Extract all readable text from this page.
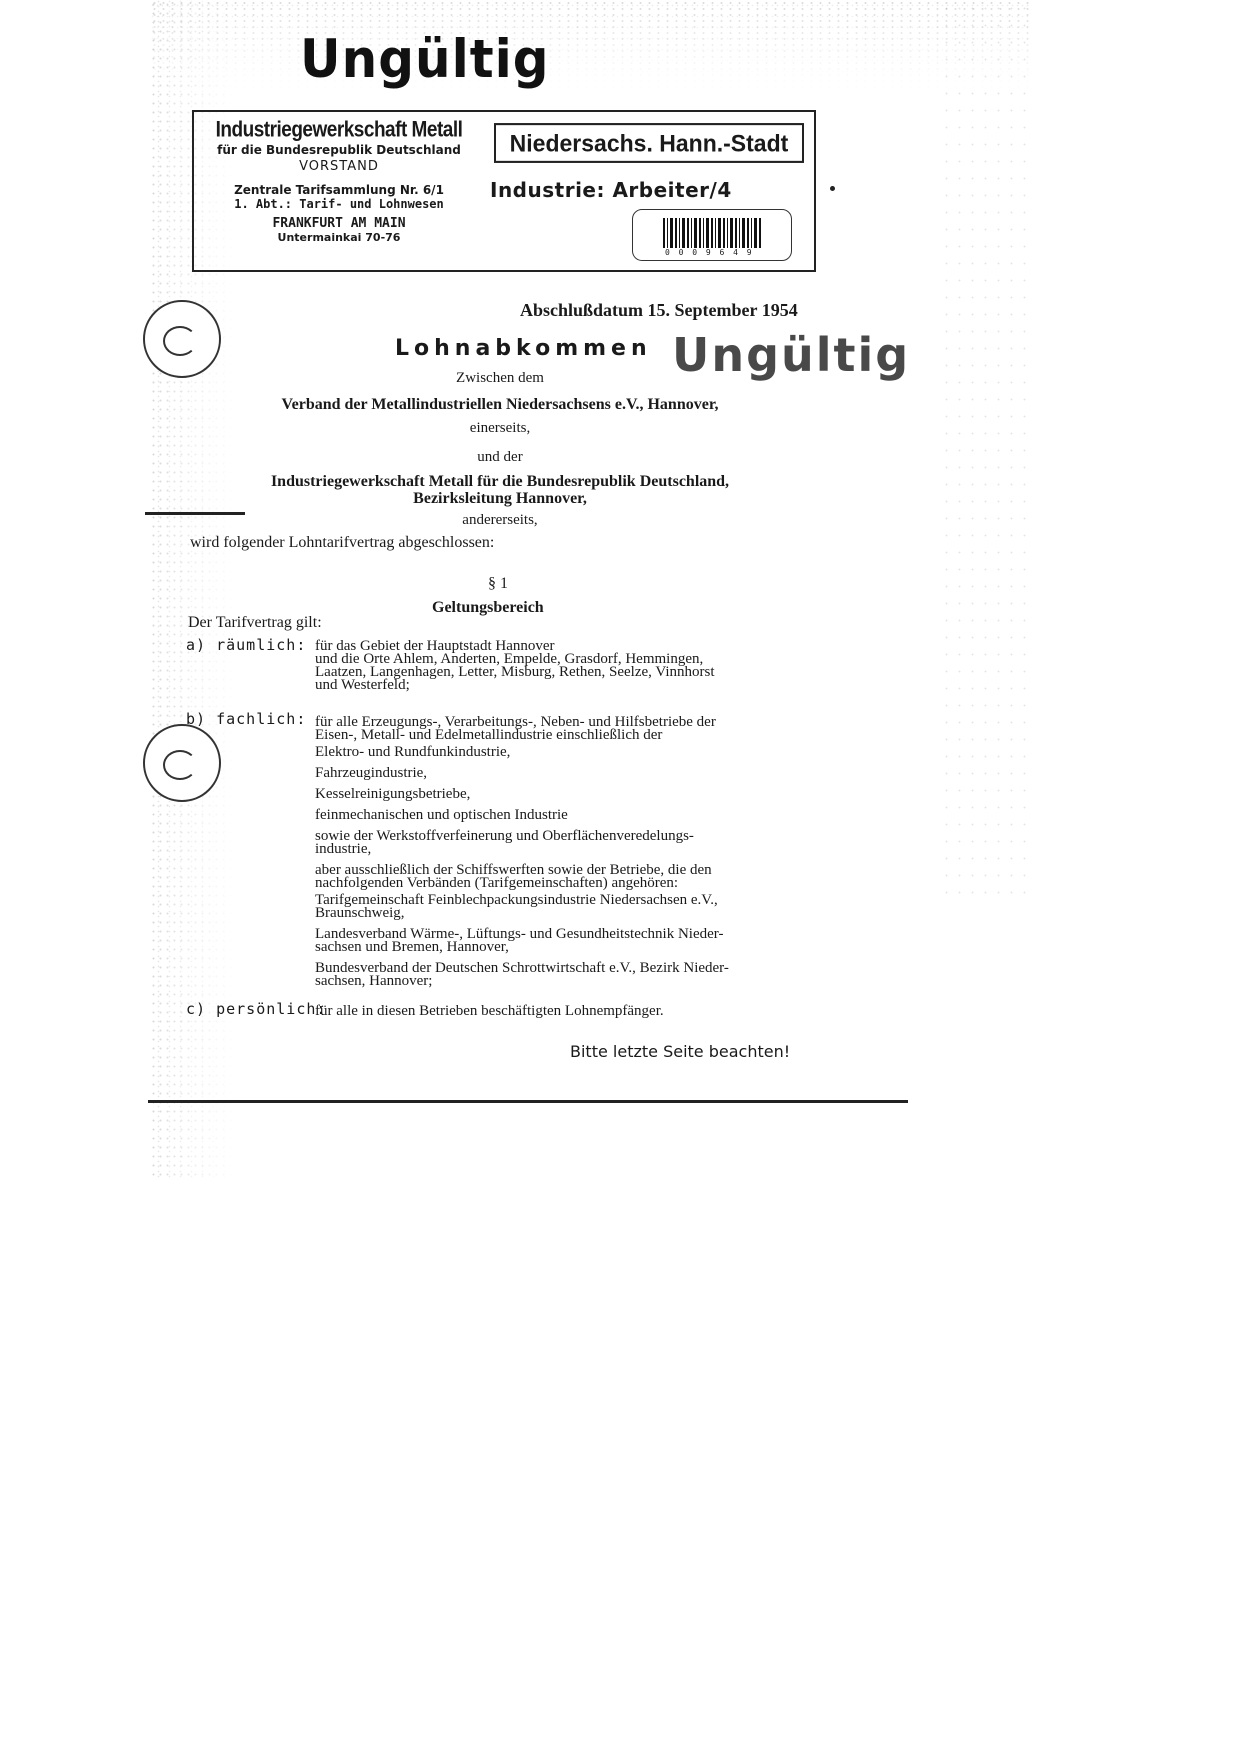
Ungültig
Industriegewerkschaft Metall
für die Bundesrepublik Deutschland
VORSTAND
Zentrale Tarifsammlung Nr. 6/1
1. Abt.: Tarif- und Lohnwesen
FRANKFURT AM MAIN
Untermainkai 70-76
Niedersachs. Hann.-Stadt
Industrie: Arbeiter/4
0 0 0 9 6 4 9
Abschlußdatum 15. September 1954
Lohnabkommen Ungültig
Zwischen dem
Verband der Metallindustriellen Niedersachsens e.V., Hannover,
einerseits,
und der
Industriegewerkschaft Metall für die Bundesrepublik Deutschland,
Bezirksleitung Hannover,
andererseits,
wird folgender Lohntarifvertrag abgeschlossen:
§ 1
Geltungsbereich
Der Tarifvertrag gilt:
a) räumlich: für das Gebiet der Hauptstadt Hannover
und die Orte Ahlem, Anderten, Empelde, Grasdorf, Hemmingen,
Laatzen, Langenhagen, Letter, Misburg, Rethen, Seelze, Vinnhorst
und Westerfeld;
b) fachlich: für alle Erzeugungs-, Verarbeitungs-, Neben- und Hilfsbetriebe der
Eisen-, Metall- und Edelmetallindustrie einschließlich der
Elektro- und Rundfunkindustrie,
Fahrzeugindustrie,
Kesselreinigungsbetriebe,
feinmechanischen und optischen Industrie
sowie der Werkstoffverfeinerung und Oberflächenveredelungs-
industrie,
aber ausschließlich der Schiffswerften sowie der Betriebe, die den
nachfolgenden Verbänden (Tarifgemeinschaften) angehören:
Tarifgemeinschaft Feinblechpackungsindustrie Niedersachsen e.V.,
Braunschweig,
Landesverband Wärme-, Lüftungs- und Gesundheitstechnik Nieder-
sachsen und Bremen, Hannover,
Bundesverband der Deutschen Schrottwirtschaft e.V., Bezirk Nieder-
sachsen, Hannover;
c) persönlich:
für alle in diesen Betrieben beschäftigten Lohnempfänger.
Bitte letzte Seite beachten!
